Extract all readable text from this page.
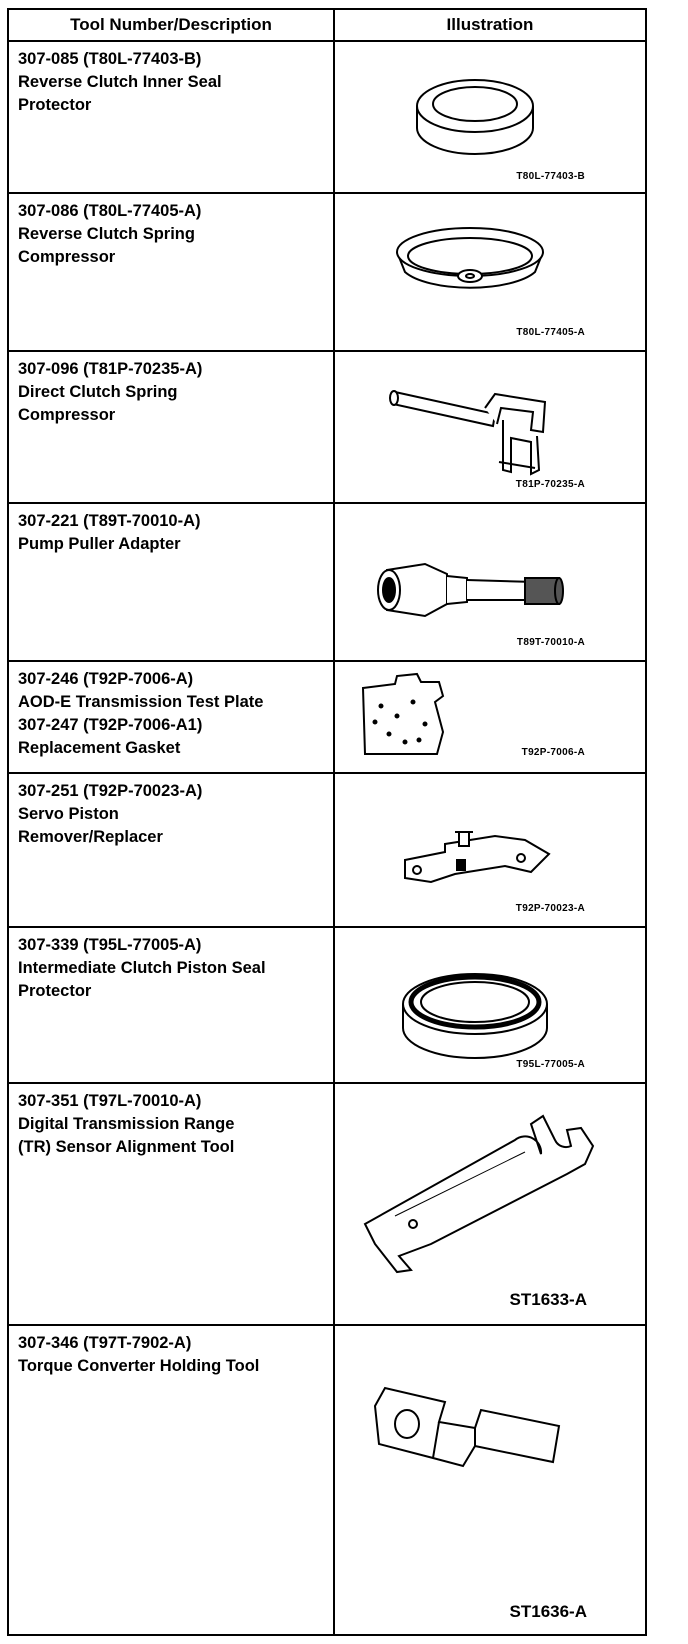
Tool Number/Description	Illustration
307-085 (T80L-77403-B)
Reverse Clutch Inner Seal
Protector
T80L-77403-B
307-086 (T80L-77405-A)
Reverse Clutch Spring
Compressor
T80L-77405-A
307-096 (T81P-70235-A)
Direct Clutch Spring
Compressor
T81P-70235-A
307-221 (T89T-70010-A)
Pump Puller Adapter
T89T-70010-A
307-246 (T92P-7006-A)
AOD-E Transmission Test Plate
307-247 (T92P-7006-A1)
Replacement Gasket	T92P-7006-A
307-251 (T92P-70023-A)
Servo Piston
Remover/Replacer
T92P-70023-A
307-339 (T95L-77005-A)
Intermediate Clutch Piston Seal
Protector
T95L-77005-A
307-351 (T97L-70010-A)
Digital Transmission Range
(TR) Sensor Alignment Tool
ST1633-A
307-346 (T97T-7902-A)
Torque Converter Holding Tool
ST1636-A
